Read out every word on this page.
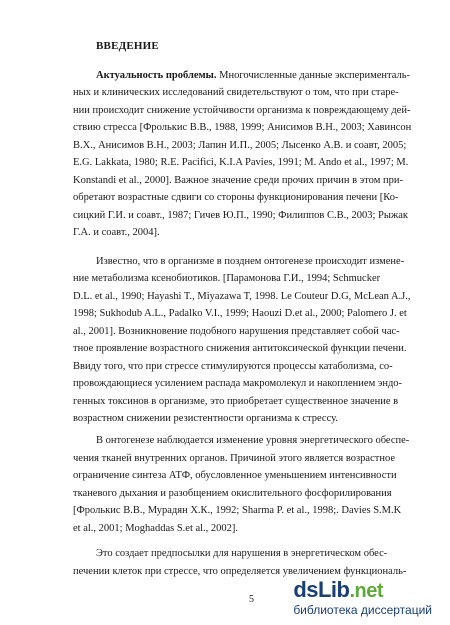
ВВЕДЕНИЕ
Актуальность проблемы. Многочисленные данные эксперименталь-
ных и клинических исследований свидетельствуют о том, что при старе-
нии происходит снижение устойчивости организма к повреждающему дей-
ствию стресса [Фролькис В.В., 1988, 1999; Анисимов В.Н., 2003; Хавинсон
В.Х., Анисимов В.Н., 2003; Лапин И.П., 2005; Лысенко А.В. и соавт, 2005;
E.G. Lakkata, 1980; R.E. Pacifici, K.I.A Pavies, 1991; M. Ando et al., 1997; M.
Konstandi et al., 2000]. Важное значение среди прочих причин в этом при-
обретают возрастные сдвиги со стороны функционирования печени [Ко-
сицкий Г.И. и соавт., 1987; Гичев Ю.П., 1990; Филиппов С.В., 2003; Рыжак
Г.А. и соавт., 2004].
Известно, что в организме в позднем онтогенезе происходит измене-
ние метаболизма ксенобиотиков. [Парамонова Г.И., 1994; Schmucker
D.L. et al., 1990; Hayashi T., Miyazawa T, 1998. Le Couteur D.G, McLean A.J.,
1998; Sukhodub A.L., Padalko V.I., 1999; Haouzi D.et al., 2000; Palomero J. et
al., 2001]. Возникновение подобного нарушения представляет собой час-
тное проявление возрастного снижения антитоксической функции печени.
Ввиду того, что при стрессе стимулируются процессы катаболизма, со-
провождающиеся усилением распада макромолекул и накоплением эндо-
генных токсинов в организме, это приобретает существенное значение в
возрастном снижении резистентности организма к стрессу.
В онтогенезе наблюдается изменение уровня энергетического обеспе-
чения тканей внутренних органов. Причиной этого является возрастное
ограничение синтеза АТФ, обусловленное уменьшением интенсивности
тканевого дыхания и разобщением окислительного фосфорилирования
[Фролькис В.В., Мурадян Х.К., 1992; Sharma P. et al., 1998;. Davies S.M.K
et al., 2001; Moghaddas S.et al., 2002].
Это создает предпосылки для нарушения в энергетическом обес-
печении клеток при стрессе, что определяется увеличением функциональ-
5 dsLib.net
библиотека диссертаций
